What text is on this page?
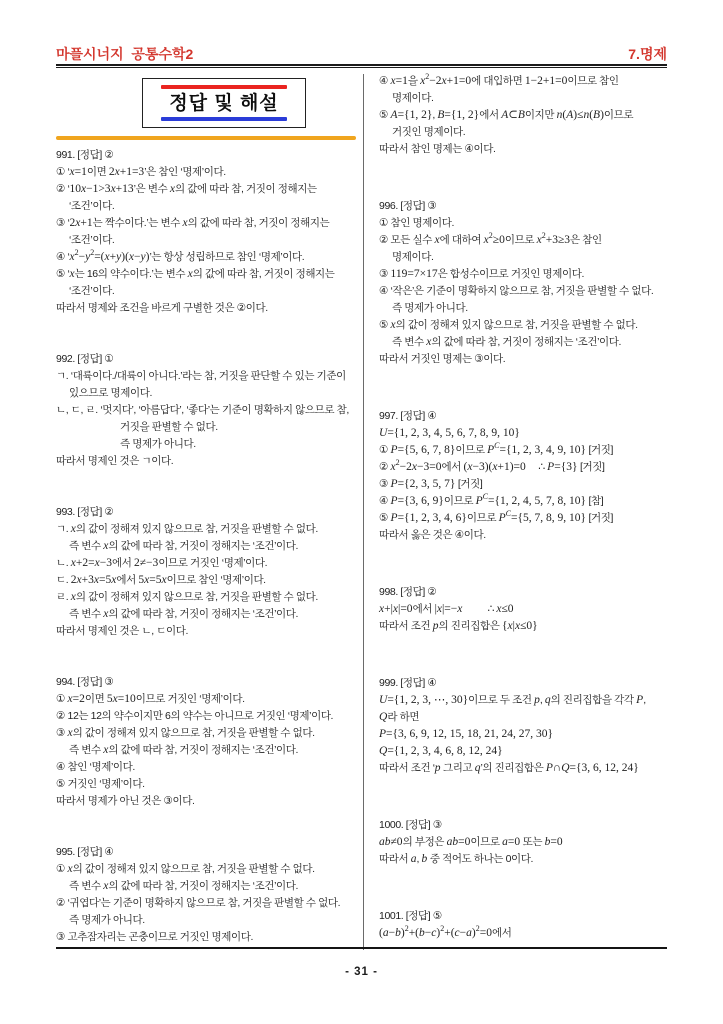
마플시너지  공통수학2	7.명제
정답 및 해설
991. [정답] ②
① ‘x=1이면 2x+1=3’은 참인 ‘명제’이다.
② ‘10x−1>3x+13’은 변수 x의 값에 따라 참, 거짓이 정해지는
‘조건’이다.
③ ‘2x+1는 짝수이다.’는 변수 x의 값에 따라 참, 거짓이 정해지는
‘조건’이다.
④ ‘$x^2-y^2=(x+y)(x-y)$’는 항상 성립하므로 참인 ‘명제’이다.
⑤ ‘x는 16의 약수이다.’는 변수 x의 값에 따라 참, 거짓이 정해지는
‘조건’이다.
따라서 명제와 조건을 바르게 구별한 것은 ②이다.
992. [정답] ①
ㄱ. ‘대륙이다./대륙이 아니다.’라는 참, 거짓을 판단할 수 있는 기준이
있으므로 명제이다.
ㄴ, ㄷ, ㄹ. ‘멋지다’, ‘아름답다’, ‘좋다’는 기준이 명확하지 않으므로 참,
거짓을 판별할 수 없다.
즉 명제가 아니다.
따라서 명제인 것은 ㄱ이다.
993. [정답] ②
ㄱ. x의 값이 정해져 있지 않으므로 참, 거짓을 판별할 수 없다.
즉 변수 x의 값에 따라 참, 거짓이 정해지는 ‘조건’이다.
ㄴ. x+2=x−3에서 2≠−3이므로 거짓인 ‘명제’이다.
ㄷ. 2x+3x=5x에서 5x=5x이므로 참인 ‘명제’이다.
ㄹ. x의 값이 정해져 있지 않으므로 참, 거짓을 판별할 수 없다.
즉 변수 x의 값에 따라 참, 거짓이 정해지는 ‘조건’이다.
따라서 명제인 것은 ㄴ, ㄷ이다.
994. [정답] ③
① x=2이면 5x=10이므로 거짓인 ‘명제’이다.
② 12는 12의 약수이지만 6의 약수는 아니므로 거짓인 ‘명제’이다.
③ x의 값이 정해져 있지 않으므로 참, 거짓을 판별할 수 없다.
즉 변수 x의 값에 따라 참, 거짓이 정해지는 ‘조건’이다.
④ 참인 ‘명제’이다.
⑤ 거짓인 ‘명제’이다.
따라서 명제가 아닌 것은 ③이다.
995. [정답] ④
① x의 값이 정해져 있지 않으므로 참, 거짓을 판별할 수 없다.
즉 변수 x의 값에 따라 참, 거짓이 정해지는 ‘조건’이다.
② ‘귀엽다’는 기준이 명확하지 않으므로 참, 거짓을 판별할 수 없다.
즉 명제가 아니다.
③ 고추잠자리는 곤충이므로 거짓인 명제이다.
④ x=1을 $x^2-2x+1=0$에 대입하면 1−2+1=0이므로 참인
명제이다.
⑤ A={1, 2}, B={1, 2}에서 A⊂B이지만 n(A)≤n(B)이므로
거짓인 명제이다.
따라서 참인 명제는 ④이다.
996. [정답] ③
① 참인 명제이다.
② 모든 실수 x에 대하여 $x^2\ge 0$이므로 $x^2+3\ge 3$은 참인
명제이다.
③ 119=7×17은 합성수이므로 거짓인 명제이다.
④ ‘작은’은 기준이 명확하지 않으므로 참, 거짓을 판별할 수 없다.
즉 명제가 아니다.
⑤ x의 값이 정해져 있지 않으므로 참, 거짓을 판별할 수 없다.
즉 변수 x의 값에 따라 참, 거짓이 정해지는 ‘조건’이다.
따라서 거짓인 명제는 ③이다.
997. [정답] ④
U={1, 2, 3, 4, 5, 6, 7, 8, 9, 10}
① P={5, 6, 7, 8}이므로 $P^C=\{1$, 2, 3, 4, 9, 10} [거짓]
② $x^2-2x-3=0$에서 (x−3)(x+1)=0     ∴ P={3} [거짓]
③ P={2, 3, 5, 7} [거짓]
④ P={3, 6, 9}이므로 $P^C=\{1$, 2, 4, 5, 7, 8, 10} [참]
⑤ P={1, 2, 3, 4, 6}이므로 $P^C=\{5$, 7, 8, 9, 10} [거짓]
따라서 옳은 것은 ④이다.
998. [정답] ②
x+|x|=0에서 |x|=−x          ∴ x≤0
따라서 조건 p의 진리집합은 {x|x≤0}
999. [정답] ④
U={1, 2, 3, ⋯, 30}이므로 두 조건 p, q의 진리집합을 각각 P,
Q라 하면
P={3, 6, 9, 12, 15, 18, 21, 24, 27, 30}
Q={1, 2, 3, 4, 6, 8, 12, 24}
따라서 조건 ‘p 그리고 q’의 진리집합은 P∩Q={3, 6, 12, 24}
1000. [정답] ③
ab≠0의 부정은 ab=0이므로 a=0 또는 b=0
따라서 a, b 중 적어도 하나는 0이다.
1001. [정답] ⑤
$(a-b)^2+(b-c)^2+(c-a)^2=0$에서
- 31 -
